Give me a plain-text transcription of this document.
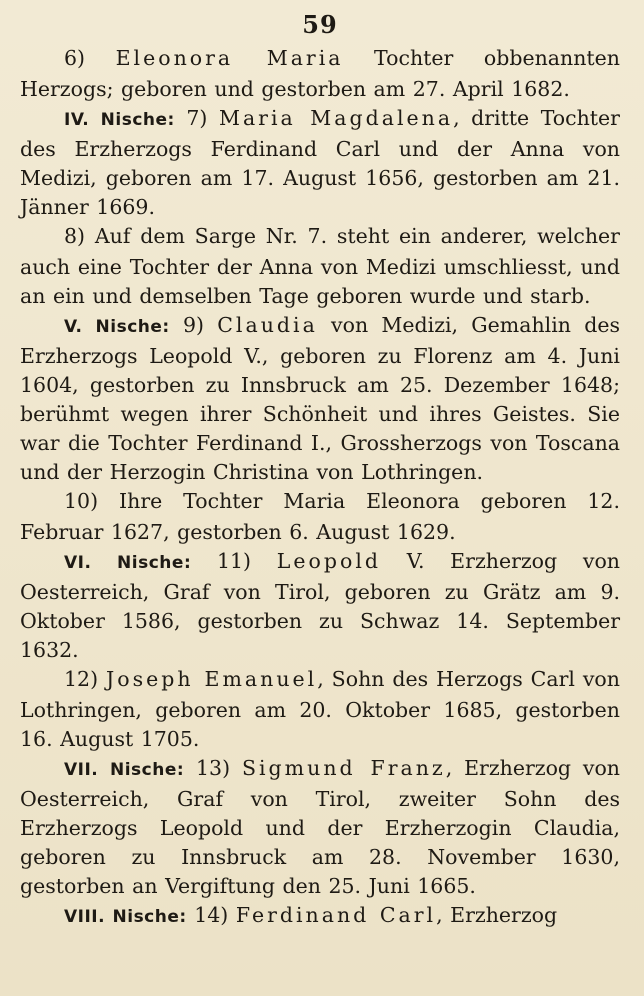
59

6) Eleonora Maria Tochter obbenannten Herzogs; geboren und gestorben am 27. April 1682.

IV. Nische: 7) Maria Magdalena, dritte Tochter des Erzherzogs Ferdinand Carl und der Anna von Medizi, geboren am 17. August 1656, gestorben am 21. Jänner 1669.

8) Auf dem Sarge Nr. 7. steht ein anderer, welcher auch eine Tochter der Anna von Medizi umschliesst, und an ein und demselben Tage geboren wurde und starb.

V. Nische: 9) Claudia von Medizi, Gemahlin des Erzherzogs Leopold V., geboren zu Florenz am 4. Juni 1604, gestorben zu Innsbruck am 25. Dezember 1648; berühmt wegen ihrer Schönheit und ihres Geistes. Sie war die Tochter Ferdinand I., Grossherzogs von Toscana und der Herzogin Christina von Lothringen.

10) Ihre Tochter Maria Eleonora geboren 12. Februar 1627, gestorben 6. August 1629.

VI. Nische: 11) Leopold V. Erzherzog von Oesterreich, Graf von Tirol, geboren zu Grätz am 9. Oktober 1586, gestorben zu Schwaz 14. September 1632.

12) Joseph Emanuel, Sohn des Herzogs Carl von Lothringen, geboren am 20. Oktober 1685, gestorben 16. August 1705.

VII. Nische: 13) Sigmund Franz, Erzherzog von Oesterreich, Graf von Tirol, zweiter Sohn des Erzherzogs Leopold und der Erzherzogin Claudia, geboren zu Innsbruck am 28. November 1630, gestorben an Vergiftung den 25. Juni 1665.

VIII. Nische: 14) Ferdinand Carl, Erzherzog
